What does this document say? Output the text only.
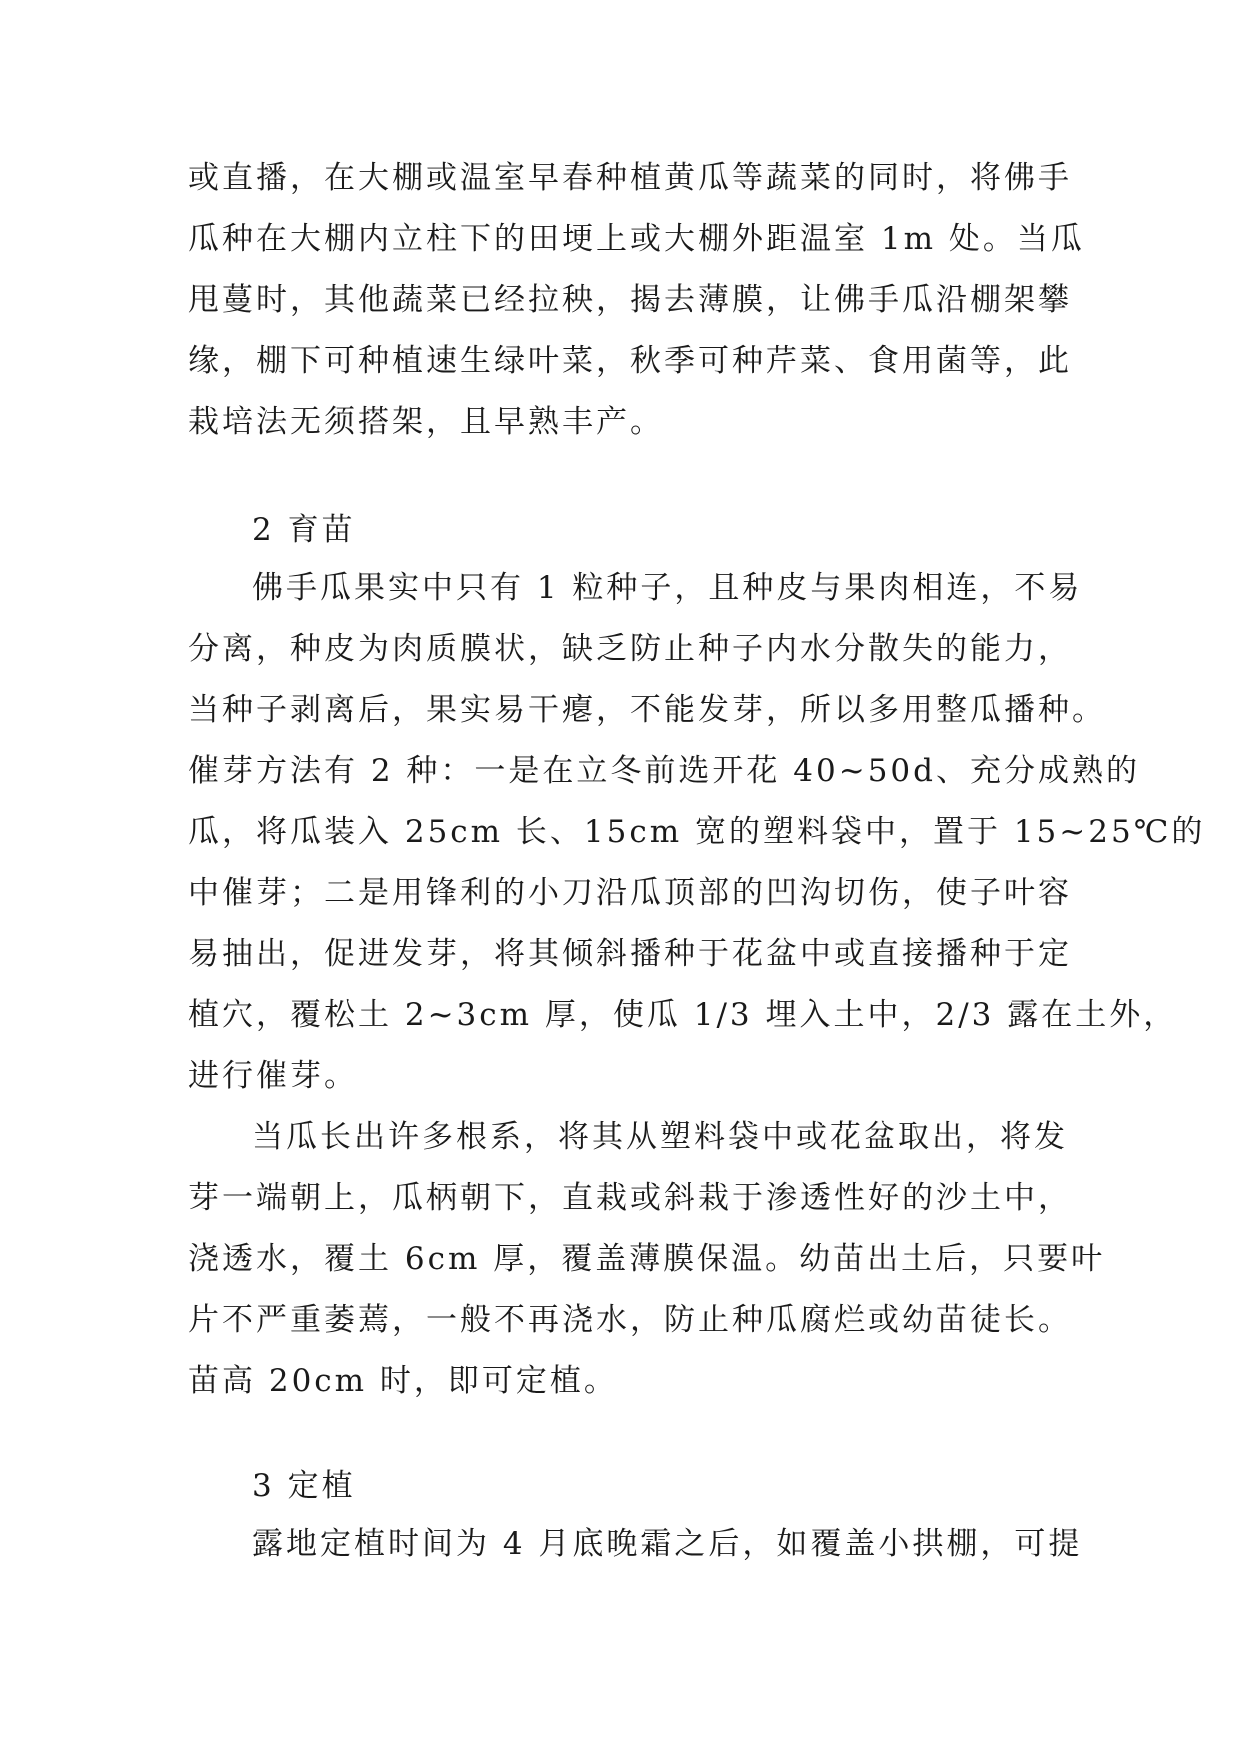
或直播，在大棚或温室早春种植黄瓜等蔬菜的同时，将佛手
瓜种在大棚内立柱下的田埂上或大棚外距温室 1m 处。当瓜
甩蔓时，其他蔬菜已经拉秧，揭去薄膜，让佛手瓜沿棚架攀
缘，棚下可种植速生绿叶菜，秋季可种芹菜、食用菌等，此
栽培法无须搭架，且早熟丰产。
2 育苗
佛手瓜果实中只有 1 粒种子，且种皮与果肉相连，不易
分离，种皮为肉质膜状，缺乏防止种子内水分散失的能力，
当种子剥离后，果实易干瘪，不能发芽，所以多用整瓜播种。
催芽方法有 2 种：一是在立冬前选开花 40~50d、充分成熟的
瓜，将瓜装入 25cm 长、15cm 宽的塑料袋中，置于 15~25℃的
中催芽；二是用锋利的小刀沿瓜顶部的凹沟切伤，使子叶容
易抽出，促进发芽，将其倾斜播种于花盆中或直接播种于定
植穴，覆松土 2~3cm 厚，使瓜 1/3 埋入土中，2/3 露在土外，
进行催芽。
当瓜长出许多根系，将其从塑料袋中或花盆取出，将发
芽一端朝上，瓜柄朝下，直栽或斜栽于渗透性好的沙土中，
浇透水，覆土 6cm 厚，覆盖薄膜保温。幼苗出土后，只要叶
片不严重萎蔫，一般不再浇水，防止种瓜腐烂或幼苗徒长。
苗高 20cm 时，即可定植。
3 定植
露地定植时间为 4 月底晚霜之后，如覆盖小拱棚，可提
